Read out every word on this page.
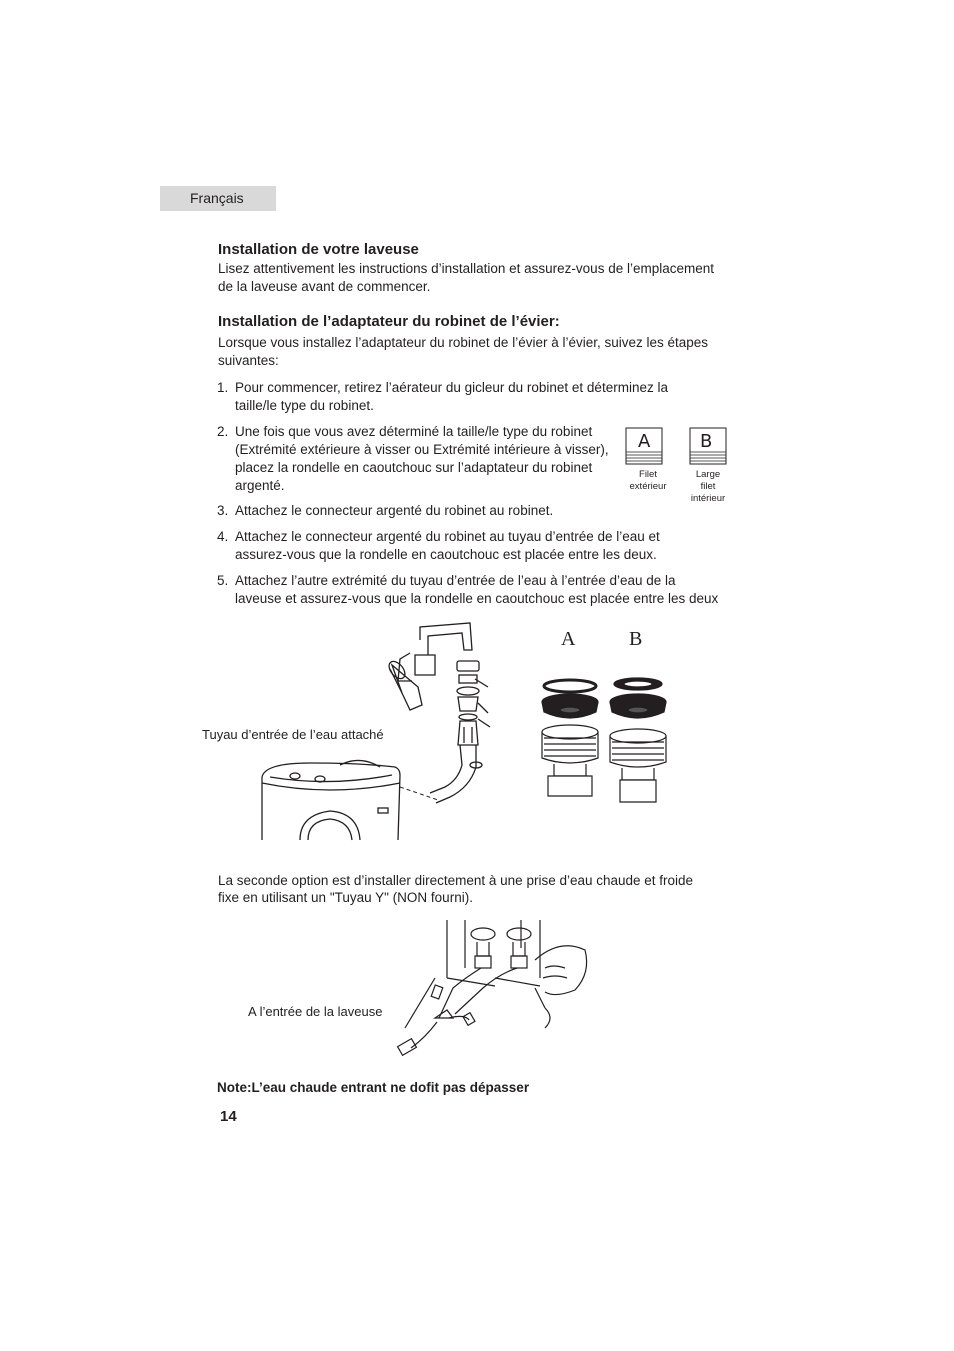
Français
Installation de votre laveuse
Lisez attentivement les instructions d’installation et assurez-vous de l’emplacement
de la laveuse avant de commencer.
Installation de l’adaptateur du robinet de l’évier:
Lorsque vous installez l’adaptateur du robinet de l’évier à l’évier, suivez les étapes
suivantes:
1. Pour commencer, retirez l’aérateur du gicleur du robinet et déterminez la
taille/le type du robinet.
2. Une fois que vous avez déterminé la taille/le type du robinet
(Extrémité extérieure à visser ou Extrémité intérieure à visser),
placez la rondelle en caoutchouc sur l’adaptateur du robinet
argenté.
A
Filet
extérieur
B
Large
filet
intérieur
3. Attachez le connecteur argenté du robinet au robinet.
4. Attachez le connecteur argenté du robinet au tuyau d’entrée de l’eau et
assurez-vous que la rondelle en caoutchouc est placée entre les deux.
5. Attachez l’autre extrémité du tuyau d’entrée de l’eau à l’entrée d’eau de la
laveuse et assurez-vous que la rondelle en caoutchouc est placée entre les deux
Tuyau d’entrée de l’eau attaché
A	B
La seconde option est d’installer directement à une prise d’eau chaude et froide
fixe en utilisant un "Tuyau Y" (NON fourni).
A l’entrée de la laveuse
Note:L’eau chaude entrant ne dofit pas dépasser
14
